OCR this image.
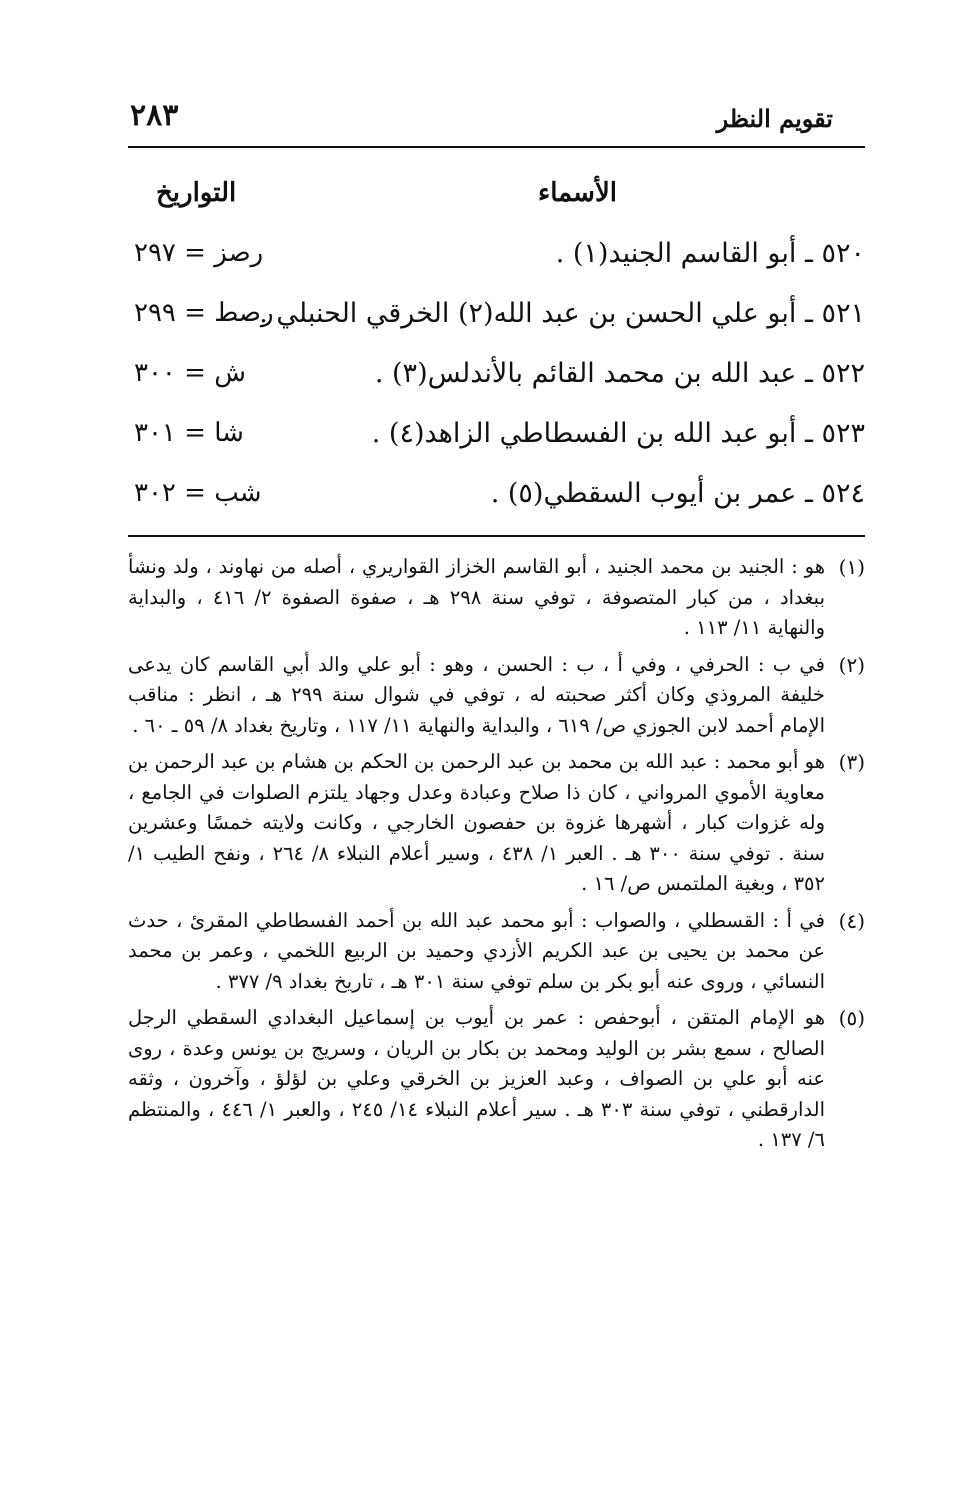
تقويم النظر
٢٨٣
الأسماء
التواريخ
٥٢٠ ـ أبو القاسم الجنيد(١) .
رصز = ٢٩٧
٥٢١ ـ أبو علي الحسن بن عبد الله(٢) الخرقي الحنبلي .
رصط = ٢٩٩
٥٢٢ ـ عبد الله بن محمد القائم بالأندلس(٣) .
ش = ٣٠٠
٥٢٣ ـ أبو عبد الله بن الفسطاطي الزاهد(٤) .
شا = ٣٠١
٥٢٤ ـ عمر بن أيوب السقطي(٥) .
شب = ٣٠٢
(١)
هو : الجنيد بن محمد الجنيد ، أبو القاسم الخزاز القواريري ، أصله من نهاوند ، ولد ونشأ ببغداد ، من كبار المتصوفة ، توفي سنة ٢٩٨ هـ ، صفوة الصفوة ٢/ ٤١٦ ، والبداية والنهاية ١١/ ١١٣ .
(٢)
في ب : الحرفي ، وفي أ ، ب : الحسن ، وهو : أبو علي والد أبي القاسم كان يدعى خليفة المروذي وكان أكثر صحبته له ، توفي في شوال سنة ٢٩٩ هـ ، انظر : مناقب الإمام أحمد لابن الجوزي ص/ ٦١٩ ، والبداية والنهاية ١١/ ١١٧ ، وتاريخ بغداد ٨/ ٥٩ ـ ٦٠ .
(٣)
هو أبو محمد : عبد الله بن محمد بن عبد الرحمن بن الحكم بن هشام بن عبد الرحمن بن معاوية الأموي المرواني ، كان ذا صلاح وعبادة وعدل وجهاد يلتزم الصلوات في الجامع ، وله غزوات كبار ، أشهرها غزوة بن حفصون الخارجي ، وكانت ولايته خمسًا وعشرين سنة . توفي سنة ٣٠٠ هـ . العبر ١/ ٤٣٨ ، وسير أعلام النبلاء ٨/ ٢٦٤ ، ونفح الطيب ١/ ٣٥٢ ، وبغية الملتمس ص/ ١٦ .
(٤)
في أ : القسطلي ، والصواب : أبو محمد عبد الله بن أحمد الفسطاطي المقرئ ، حدث عن محمد بن يحيى بن عبد الكريم الأزدي وحميد بن الربيع اللخمي ، وعمر بن محمد النسائي ، وروى عنه أبو بكر بن سلم توفي سنة ٣٠١ هـ ، تاريخ بغداد ٩/ ٣٧٧ .
(٥)
هو الإمام المتقن ، أبوحفص : عمر بن أيوب بن إسماعيل البغدادي السقطي الرجل الصالح ، سمع بشر بن الوليد ومحمد بن بكار بن الريان ، وسريج بن يونس وعدة ، روى عنه أبو علي بن الصواف ، وعبد العزيز بن الخرقي وعلي بن لؤلؤ ، وآخرون ، وثقه الدارقطني ، توفي سنة ٣٠٣ هـ . سير أعلام النبلاء ١٤/ ٢٤٥ ، والعبر ١/ ٤٤٦ ، والمنتظم ٦/ ١٣٧ .
